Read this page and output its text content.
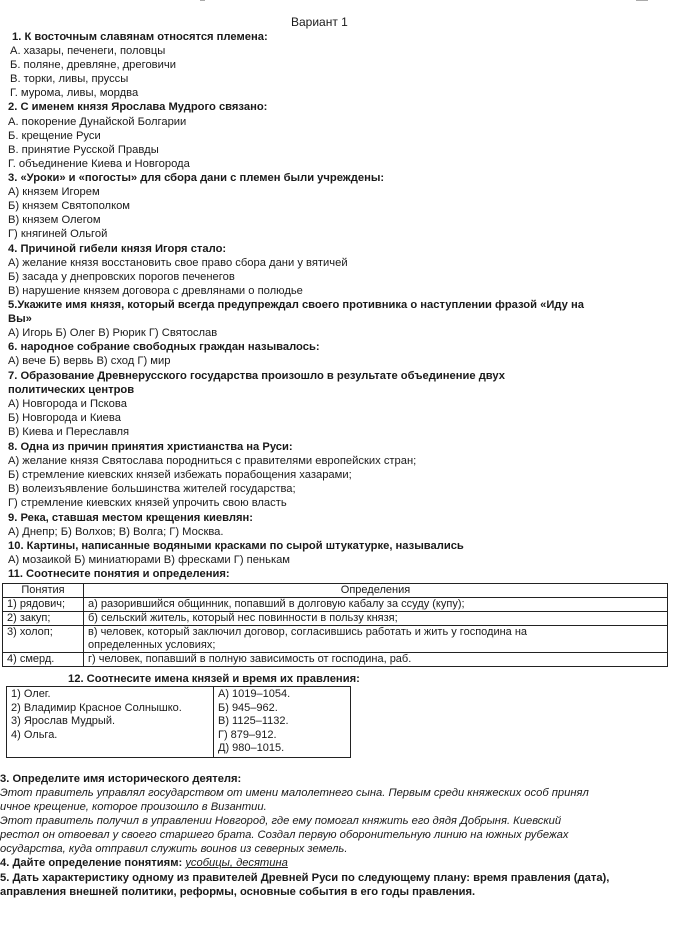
Вариант 1
1. К восточным славянам относятся племена:
А. хазары, печенеги, половцы
Б. поляне, древляне, дреговичи
В. торки, ливы, пруссы
Г. мурома, ливы, мордва
2. С именем князя Ярослава Мудрого связано:
А. покорение Дунайской Болгарии
Б. крещение Руси
В. принятие Русской Правды
Г. объединение Киева и Новгорода
3. «Уроки» и «погосты» для сбора дани с племен были учреждены:
А) князем Игорем
Б) князем Святополком
В) князем Олегом
Г) княгиней Ольгой
4. Причиной гибели князя Игоря стало:
А) желание князя восстановить свое право сбора дани у вятичей
Б) засада у днепровских порогов печенегов
В) нарушение князем договора с древлянами о полюдье
5.Укажите имя князя, который всегда предупреждал своего противника о наступлении фразой «Иду на
Вы»
А) Игорь Б) Олег В) Рюрик Г) Святослав
6. народное собрание свободных граждан называлось:
А) вече Б) вервь В) сход Г) мир
7. Образование Древнерусского государства произошло в результате объединение двух
политических центров
А) Новгорода и Пскова
Б) Новгорода и Киева
В) Киева и Переславля
8. Одна из причин принятия христианства на Руси:
А) желание князя Святослава породниться с правителями европейских стран;
Б) стремление киевских князей избежать порабощения хазарами;
В) волеизъявление большинства жителей государства;
Г) стремление киевских князей упрочить свою власть
9. Река, ставшая местом крещения киевлян:
А) Днепр; Б) Волхов; В) Волга; Г) Москва.
10. Картины, написанные водяными красками по сырой штукатурке, назывались
А) мозаикой Б) миниатюрами В) фресками Г) пенькам
11. Соотнесите понятия и определения:
Понятия	Определения
1) рядович;	а) разорившийся общинник, попавший в долговую кабалу за ссуду (купу);
2) закуп;	б) сельский житель, который нес повинности в пользу князя;
3) холоп;	в) человек, который заключил договор, согласившись работать и жить у господина на определенных условиях;
4) смерд.	г) человек, попавший в полную зависимость от господина, раб.
12. Соотнесите имена князей и время их правления:
1) Олег.
2) Владимир Красное Солнышко.
3) Ярослав Мудрый.
4) Ольга.

А) 1019–1054.
Б) 945–962.
В) 1125–1132.
Г) 879–912.
Д) 980–1015.
3. Определите имя исторического деятеля:
Этот правитель управлял государством от имени малолетнего сына. Первым среди княжеских особ принял
ичное крещение, которое произошло в Византии.
Этот правитель получил в управлении Новгород, где ему помогал княжить его дядя Добрыня. Киевский
рестол он отвоевал у своего старшего брата. Создал первую оборонительную линию на южных рубежах
осударства, куда отправил служить воинов из северных земель.
4. Дайте определение понятиям: усобицы, десятина
5. Дать характеристику одному из правителей Древней Руси по следующему плану: время правления (дата),
аправления внешней политики, реформы, основные события в его годы правления.
